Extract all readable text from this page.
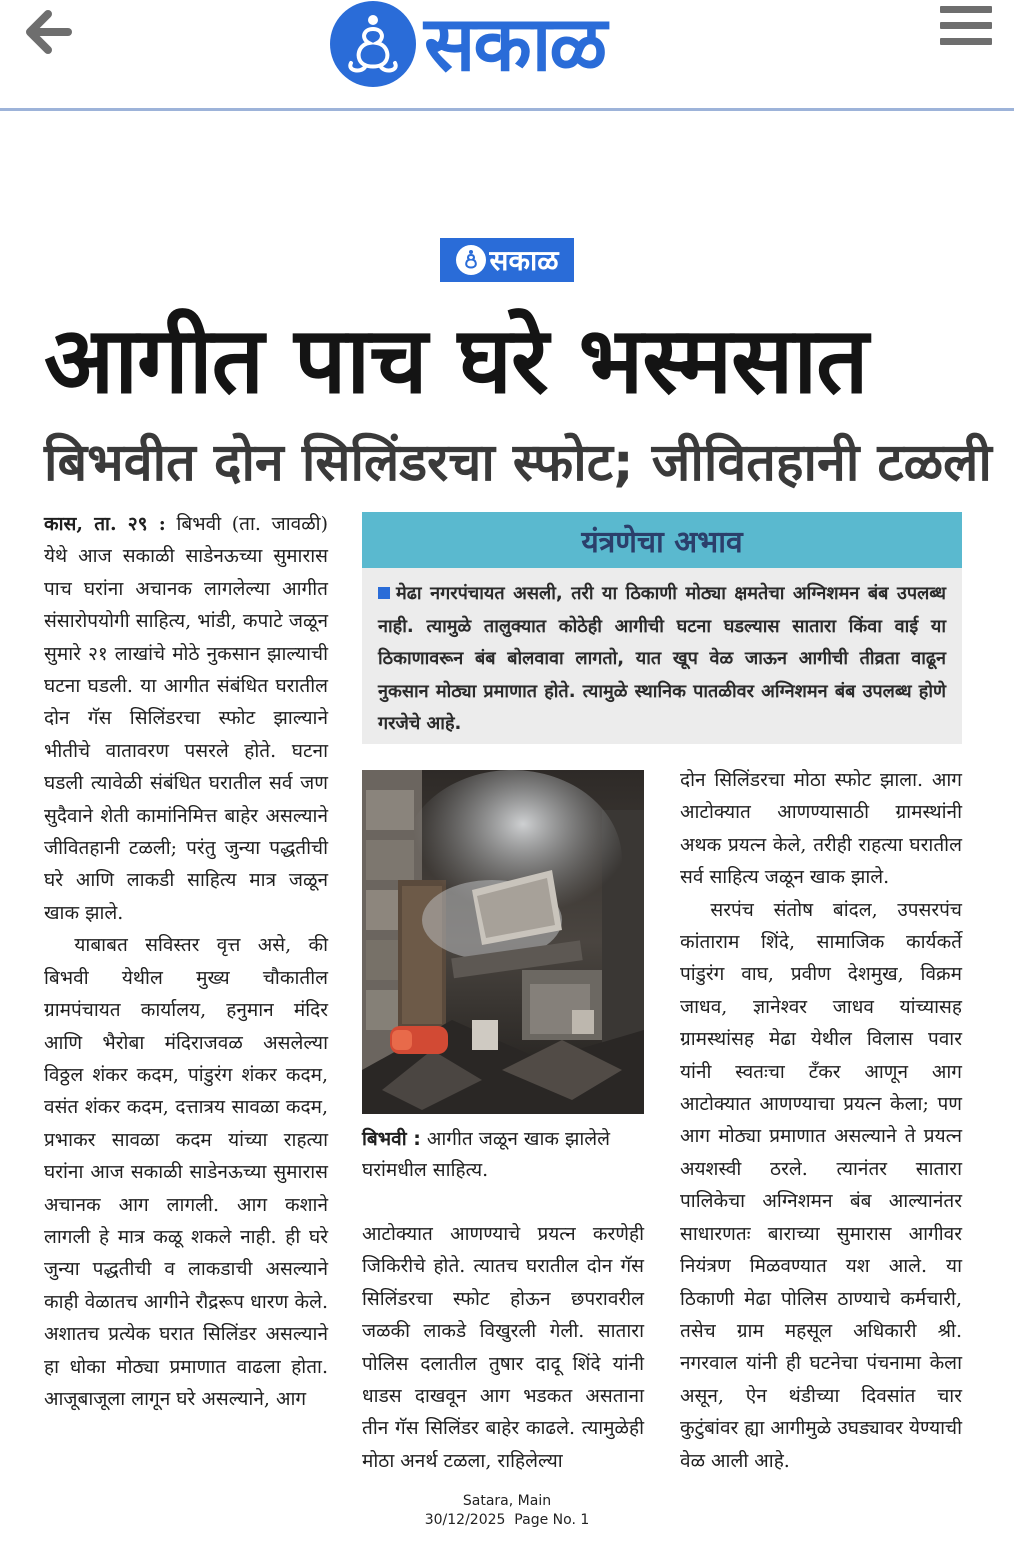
सकाळ
सकाळ
आगीत पाच घरे भस्मसात
बिभवीत दोन सिलिंडरचा स्फोट; जीवितहानी टळली

कास, ता. २९ : बिभवी (ता. जावळी) येथे आज सकाळी साडेनऊच्या सुमारास पाच घरांना अचानक लागलेल्या आगीत संसारोपयोगी साहित्य, भांडी, कपाटे जळून सुमारे २१ लाखांचे मोठे नुकसान झाल्याची घटना घडली. या आगीत संबंधित घरातील दोन गॅस सिलिंडरचा स्फोट झाल्याने भीतीचे वातावरण पसरले होते. घटना घडली त्यावेळी संबंधित घरातील सर्व जण सुदैवाने शेती कामांनिमित्त बाहेर असल्याने जीवितहानी टळली; परंतु जुन्या पद्धतीची घरे आणि लाकडी साहित्य मात्र जळून खाक झाले.

याबाबत सविस्तर वृत्त असे, की बिभवी येथील मुख्य चौकातील ग्रामपंचायत कार्यालय, हनुमान मंदिर आणि भैरोबा मंदिराजवळ असलेल्या विठ्ठल शंकर कदम, पांडुरंग शंकर कदम, वसंत शंकर कदम, दत्तात्रय सावळा कदम, प्रभाकर सावळा कदम यांच्या राहत्या घरांना आज सकाळी साडेनऊच्या सुमारास अचानक आग लागली. आग कशाने लागली हे मात्र कळू शकले नाही. ही घरे जुन्या पद्धतीची व लाकडाची असल्याने काही वेळातच आगीने रौद्ररूप धारण केले. अशातच प्रत्येक घरात सिलिंडर असल्याने हा धोका मोठ्या प्रमाणात वाढला होता. आजूबाजूला लागून घरे असल्याने, आग

यंत्रणेचा अभाव
मेढा नगरपंचायत असली, तरी या ठिकाणी मोठ्या क्षमतेचा अग्निशमन बंब उपलब्ध नाही. त्यामुळे तालुक्यात कोठेही आगीची घटना घडल्यास सातारा किंवा वाई या ठिकाणावरून बंब बोलवावा लागतो, यात खूप वेळ जाऊन आगीची तीव्रता वाढून नुकसान मोठ्या प्रमाणात होते. त्यामुळे स्थानिक पातळीवर अग्निशमन बंब उपलब्ध होणे गरजेचे आहे.
बिभवी : आगीत जळून खाक झालेले घरांमधील साहित्य.

आटोक्यात आणण्याचे प्रयत्न करणेही जिकिरीचे होते. त्यातच घरातील दोन गॅस सिलिंडरचा स्फोट होऊन छपरावरील जळकी लाकडे विखुरली गेली. सातारा पोलिस दलातील तुषार दादू शिंदे यांनी धाडस दाखवून आग भडकत असताना तीन गॅस सिलिंडर बाहेर काढले. त्यामुळेही मोठा अनर्थ टळला, राहिलेल्या

दोन सिलिंडरचा मोठा स्फोट झाला. आग आटोक्यात आणण्यासाठी ग्रामस्थांनी अथक प्रयत्न केले, तरीही राहत्या घरातील सर्व साहित्य जळून खाक झाले.

सरपंच संतोष बांदल, उपसरपंच कांताराम शिंदे, सामाजिक कार्यकर्ते पांडुरंग वाघ, प्रवीण देशमुख, विक्रम जाधव, ज्ञानेश्वर जाधव यांच्यासह ग्रामस्थांसह मेढा येथील विलास पवार यांनी स्वतःचा टँकर आणून आग आटोक्यात आणण्याचा प्रयत्न केला; पण आग मोठ्या प्रमाणात असल्याने ते प्रयत्न अयशस्वी ठरले. त्यानंतर सातारा पालिकेचा अग्निशमन बंब आल्यानंतर साधारणतः बाराच्या सुमारास आगीवर नियंत्रण मिळवण्यात यश आले. या ठिकाणी मेढा पोलिस ठाण्याचे कर्मचारी, तसेच ग्राम महसूल अधिकारी श्री. नगरवाल यांनी ही घटनेचा पंचनामा केला असून, ऐन थंडीच्या दिवसांत चार कुटुंबांवर ह्या आगीमुळे उघड्यावर येण्याची वेळ आली आहे.

Satara, Main
30/12/2025  Page No. 1
